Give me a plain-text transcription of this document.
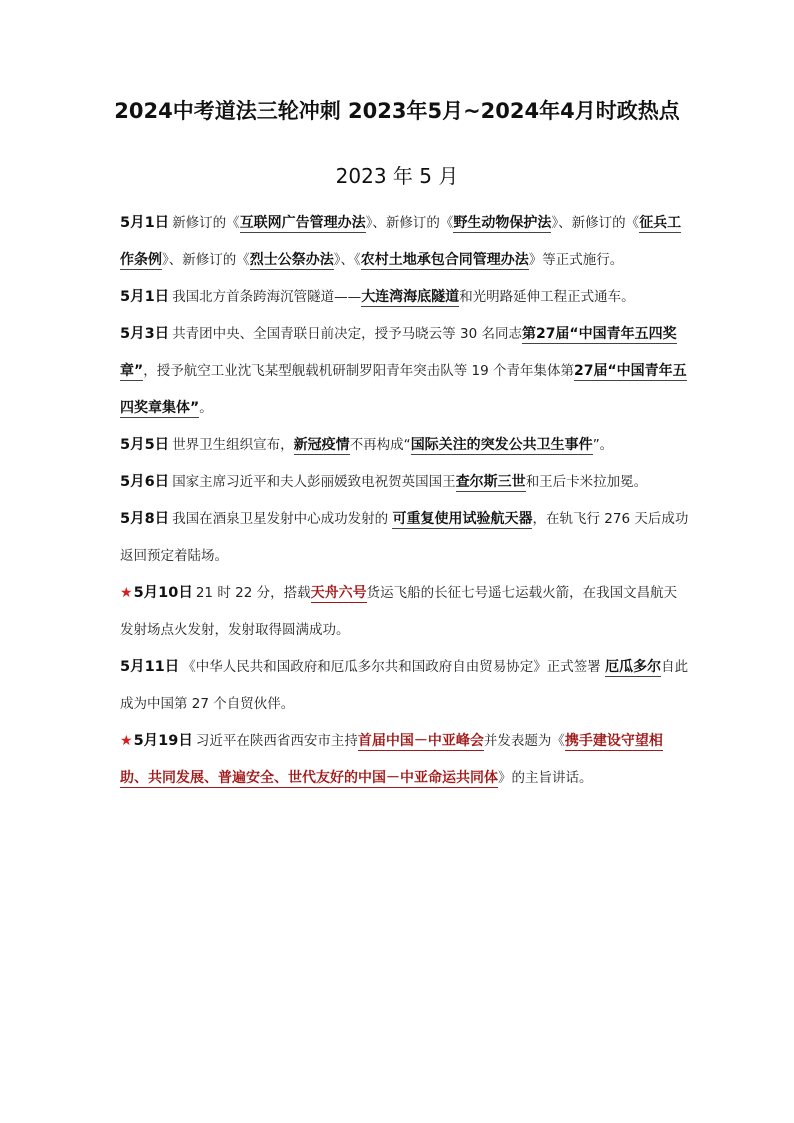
2024中考道法三轮冲刺 2023年5月~2024年4月时政热点
2023 年 5 月

5月1日 新修订的《互联网广告管理办法》、新修订的《野生动物保护法》、新修订的《征兵工作条例》、新修订的《烈士公祭办法》、《农村土地承包合同管理办法》等正式施行。

5月1日 我国北方首条跨海沉管隧道——大连湾海底隧道和光明路延伸工程正式通车。

5月3日 共青团中央、全国青联日前决定，授予马晓云等 30 名同志第27届“中国青年五四奖章”，授予航空工业沈飞某型舰载机研制罗阳青年突击队等 19 个青年集体第27届“中国青年五四奖章集体”。

5月5日 世界卫生组织宣布，新冠疫情不再构成“国际关注的突发公共卫生事件”。

5月6日 国家主席习近平和夫人彭丽媛致电祝贺英国国王查尔斯三世和王后卡米拉加冕。

5月8日 我国在酒泉卫星发射中心成功发射的 可重复使用试验航天器，在轨飞行 276 天后成功返回预定着陆场。

★5月10日 21 时 22 分，搭载天舟六号货运飞船的长征七号遥七运载火箭，在我国文昌航天发射场点火发射，发射取得圆满成功。

5月11日 《中华人民共和国政府和厄瓜多尔共和国政府自由贸易协定》正式签署 厄瓜多尔自此成为中国第 27 个自贸伙伴。

★5月19日 习近平在陕西省西安市主持首届中国－中亚峰会并发表题为《携手建设守望相助、共同发展、普遍安全、世代友好的中国－中亚命运共同体》的主旨讲话。
